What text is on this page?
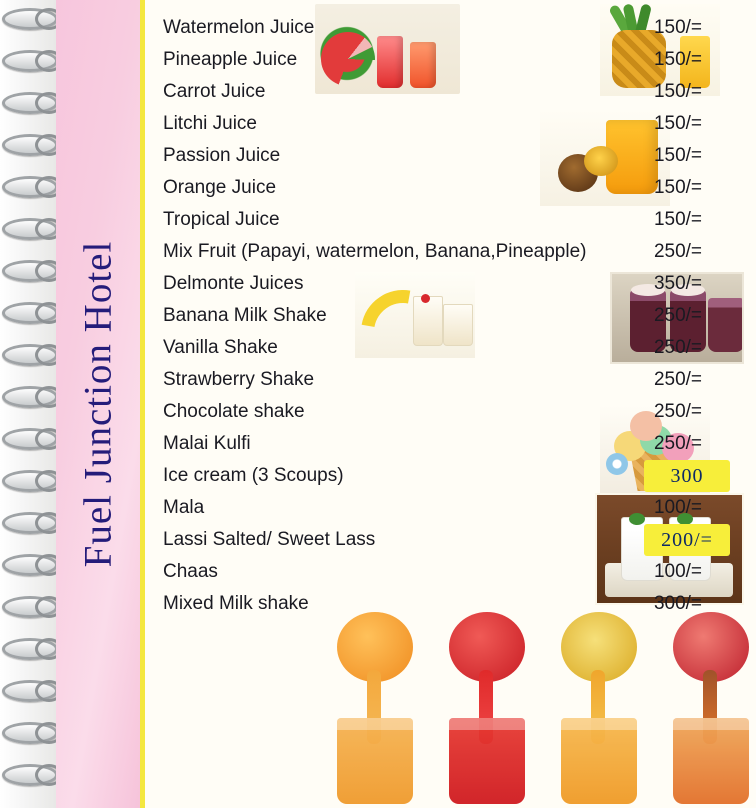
Fuel Junction Hotel
Watermelon Juice	150/=
Pineapple Juice	150/=
Carrot Juice	150/=
Litchi Juice	150/=
Passion Juice	150/=
Orange Juice	150/=
Tropical Juice	150/=
Mix Fruit (Papayi, watermelon, Banana,Pineapple)	250/=
Delmonte Juices	350/=
Banana Milk Shake	250/=
Vanilla Shake	250/=
Strawberry Shake	250/=
Chocolate shake	250/=
Malai Kulfi	250/=
Ice cream (3 Scoups)	300
Mala	100/=
Lassi Salted/ Sweet Lass	200/=
Chaas	100/=
Mixed Milk shake	300/=
